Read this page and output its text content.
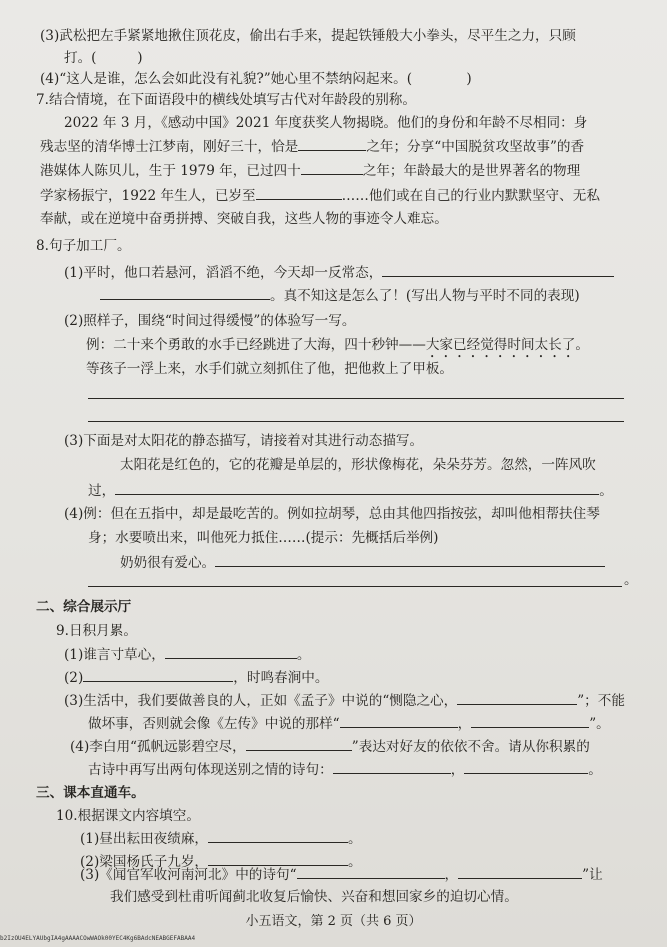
(3)武松把左手紧紧地揪住顶花皮，偷出右手来，提起铁锤般大小拳头，尽平生之力，只顾
打。(　　　)
(4)“这人是谁，怎么会如此没有礼貌?”她心里不禁纳闷起来。(　　　　)
7.结合情境，在下面语段中的横线处填写古代对年龄段的别称。
2022 年 3 月，《感动中国》2021 年度获奖人物揭晓。他们的身份和年龄不尽相同：身
残志坚的清华博士江梦南，刚好三十，恰是	之年；分享“中国脱贫攻坚故事”的香
港媒体人陈贝儿，生于 1979 年，已过四十	之年；年龄最大的是世界著名的物理
学家杨振宁，1922 年生人，已岁至	……他们或在自己的行业内默默坚守、无私
奉献，或在逆境中奋勇拼搏、突破自我，这些人物的事迹令人难忘。
8.句子加工厂。
(1)平时，他口若悬河，滔滔不绝，今天却一反常态，
。真不知这是怎么了！(写出人物与平时不同的表现)
(2)照样子，围绕“时间过得缓慢”的体验写一写。
例：二十来个勇敢的水手已经跳进了大海，四十秒钟——大家已经觉得时间太长了。
等孩子一浮上来，水手们就立刻抓住了他，把他救上了甲板。
(3)下面是对太阳花的静态描写，请接着对其进行动态描写。
太阳花是红色的，它的花瓣是单层的，形状像梅花，朵朵芬芳。忽然，一阵风吹
过，	。
(4)例：但在五指中，却是最吃苦的。例如拉胡琴，总由其他四指按弦，却叫他相帮扶住琴
身；水要喷出来，叫他死力抵住……(提示：先概括后举例)
奶奶很有爱心。
。
二、综合展示厅
9.日积月累。
(1)谁言寸草心，	。
(2)	，时鸣春涧中。
(3)生活中，我们要做善良的人，正如《孟子》中说的“恻隐之心，	”；不能
做坏事，否则就会像《左传》中说的那样“	，	”。
(4)李白用“孤帆远影碧空尽，	”表达对好友的依依不舍。请从你积累的
古诗中再写出两句体现送别之情的诗句：	，	。
三、课本直通车。
10.根据课文内容填空。
(1)昼出耘田夜绩麻，	。
(2)梁国杨氏子九岁，	。
(3)《闻官军收河南河北》中的诗句“	，	”让
我们感受到杜甫听闻蓟北收复后愉快、兴奋和想回家乡的迫切心情。
小五语文，第 2 页（共 6 页）
b2IzOU4ELYAUbgIA4gAAAACOwWAOk00YEC4Kg6BAdcNEABGEFABAA4
